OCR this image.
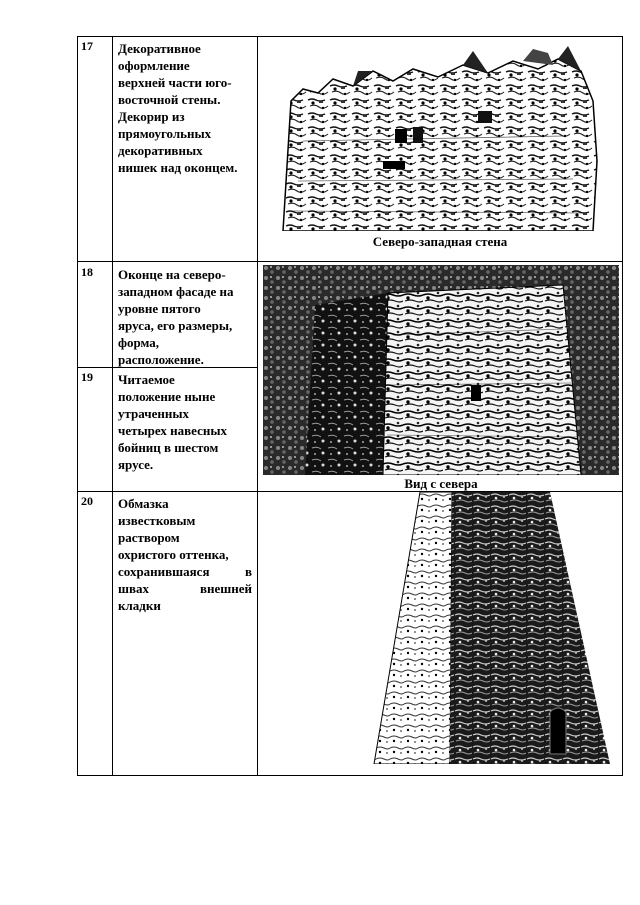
17 Декоративное
оформление
верхней части юго-
восточной стены.
Декорир из
прямоугольных
декоративных
нишек над оконцем.
Северо-западная стена
18 Оконце на северо-
западном фасаде на
уровне пятого
яруса, его размеры,
форма,
расположение.
19 Читаемое
положение ныне
утраченных
четырех навесных
бойниц в шестом
ярусе.
Вид с севера
20 Обмазка
известковым
раствором
охристого оттенка,
сохранившаяся в
швах внешней
кладки
